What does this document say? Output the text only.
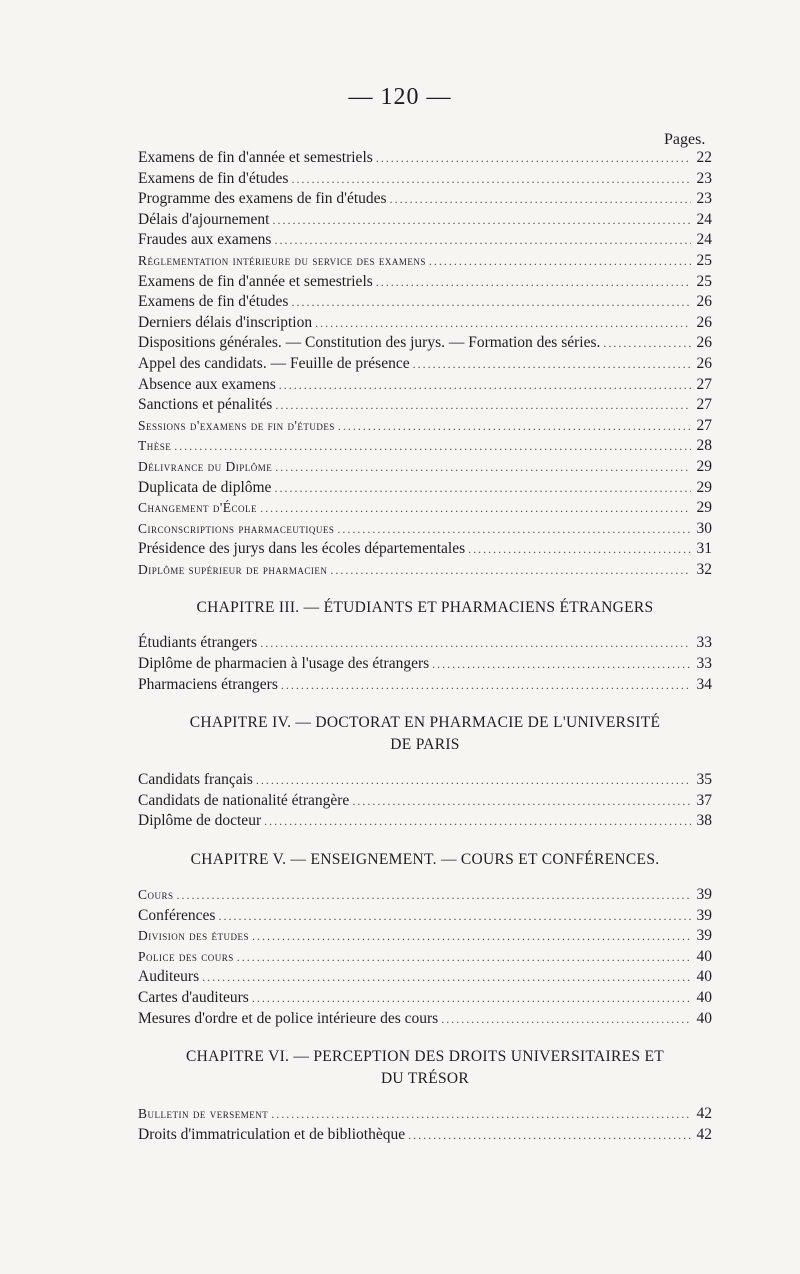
— 120 —
Pages.
Examens de fin d'année et semestriels .....	22
Examens de fin d'études .....	23
Programme des examens de fin d'études .....	23
Délais d'ajournement .....	24
Fraudes aux examens .....	24
Réglementation intérieure du service des examens .....	25
Examens de fin d'année et semestriels .....	25
Examens de fin d'études .....	26
Derniers délais d'inscription .....	26
Dispositions générales. — Constitution des jurys. — Formation des séries. .....	26
Appel des candidats. — Feuille de présence .....	26
Absence aux examens .....	27
Sanctions et pénalités .....	27
Sessions d'examens de fin d'études .....	27
Thèse .....	28
Délivrance du Diplôme .....	29
Duplicata de diplôme .....	29
Changement d'École .....	29
Circonscriptions pharmaceutiques .....	30
Présidence des jurys dans les écoles départementales .....	31
Diplôme supérieur de pharmacien .....	32
CHAPITRE III. — ÉTUDIANTS ET PHARMACIENS ÉTRANGERS
Étudiants étrangers .....	33
Diplôme de pharmacien à l'usage des étrangers .....	33
Pharmaciens étrangers .....	34
CHAPITRE IV. — DOCTORAT EN PHARMACIE DE L'UNIVERSITÉ DE PARIS
Candidats français .....	35
Candidats de nationalité étrangère .....	37
Diplôme de docteur .....	38
CHAPITRE V. — ENSEIGNEMENT. — COURS ET CONFÉRENCES.
Cours .....	39
Conférences .....	39
Division des études .....	39
Police des cours .....	40
Auditeurs .....	40
Cartes d'auditeurs .....	40
Mesures d'ordre et de police intérieure des cours .....	40
CHAPITRE VI. — PERCEPTION DES DROITS UNIVERSITAIRES ET DU TRÉSOR
Bulletin de versement .....	42
Droits d'immatriculation et de bibliothèque .....	42
